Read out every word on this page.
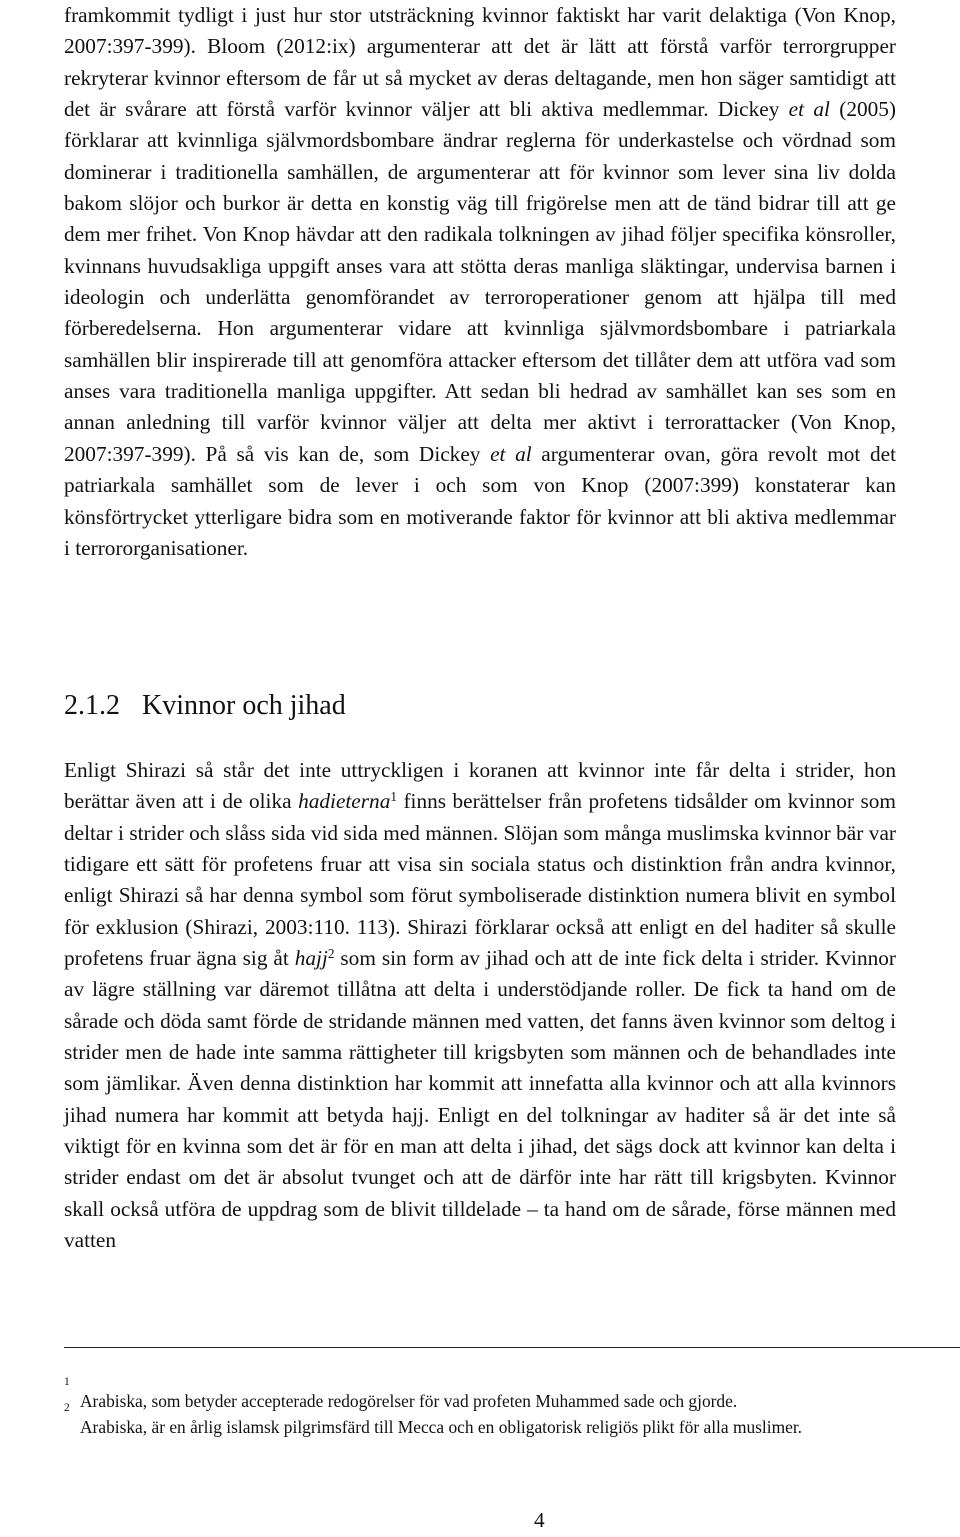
framkommit tydligt i just hur stor utsträckning kvinnor faktiskt har varit delaktiga (Von Knop, 2007:397-399). Bloom (2012:ix) argumenterar att det är lätt att förstå varför terrorgrupper rekryterar kvinnor eftersom de får ut så mycket av deras deltagande, men hon säger samtidigt att det är svårare att förstå varför kvinnor väljer att bli aktiva medlemmar. Dickey et al (2005) förklarar att kvinnliga självmordsbombare ändrar reglerna för underkastelse och vördnad som dominerar i traditionella samhällen, de argumenterar att för kvinnor som lever sina liv dolda bakom slöjor och burkor är detta en konstig väg till frigörelse men att de tänd bidrar till att ge dem mer frihet. Von Knop hävdar att den radikala tolkningen av jihad följer specifika könsroller, kvinnans huvudsakliga uppgift anses vara att stötta deras manliga släktingar, undervisa barnen i ideologin och underlätta genomförandet av terroroperationer genom att hjälpa till med förberedelserna. Hon argumenterar vidare att kvinnliga självmordsbombare i patriarkala samhällen blir inspirerade till att genomföra attacker eftersom det tillåter dem att utföra vad som anses vara traditionella manliga uppgifter. Att sedan bli hedrad av samhället kan ses som en annan anledning till varför kvinnor väljer att delta mer aktivt i terrorattacker (Von Knop, 2007:397-399). På så vis kan de, som Dickey et al argumenterar ovan, göra revolt mot det patriarkala samhället som de lever i och som von Knop (2007:399) konstaterar kan könsförtrycket ytterligare bidra som en motiverande faktor för kvinnor att bli aktiva medlemmar i terrororganisationer.

2.1.2 Kvinnor och jihad

Enligt Shirazi så står det inte uttryckligen i koranen att kvinnor inte får delta i strider, hon berättar även att i de olika hadieterna$^1$ finns berättelser från profetens tidsålder om kvinnor som deltar i strider och slåss sida vid sida med männen. Slöjan som många muslimska kvinnor bär var tidigare ett sätt för profetens fruar att visa sin sociala status och distinktion från andra kvinnor, enligt Shirazi så har denna symbol som förut symboliserade distinktion numera blivit en symbol för exklusion (Shirazi, 2003:110. 113). Shirazi förklarar också att enligt en del haditer så skulle profetens fruar ägna sig åt hajj$^2$ som sin form av jihad och att de inte fick delta i strider. Kvinnor av lägre ställning var däremot tillåtna att delta i understödjande roller. De fick ta hand om de sårade och döda samt förde de stridande männen med vatten, det fanns även kvinnor som deltog i strider men de hade inte samma rättigheter till krigsbyten som männen och de behandlades inte som jämlikar. Även denna distinktion har kommit att innefatta alla kvinnor och att alla kvinnors jihad numera har kommit att betyda hajj. Enligt en del tolkningar av haditer så är det inte så viktigt för en kvinna som det är för en man att delta i jihad, det sägs dock att kvinnor kan delta i strider endast om det är absolut tvunget och att de därför inte har rätt till krigsbyten. Kvinnor skall också utföra de uppdrag som de blivit tilldelade – ta hand om de sårade, förse männen med vatten

1
Arabiska, som betyder accepterade redogörelser för vad profeten Muhammed sade och gjorde.

2
Arabiska, är en årlig islamsk pilgrimsfärd till Mecca och en obligatorisk religiös plikt för alla muslimer.

4
